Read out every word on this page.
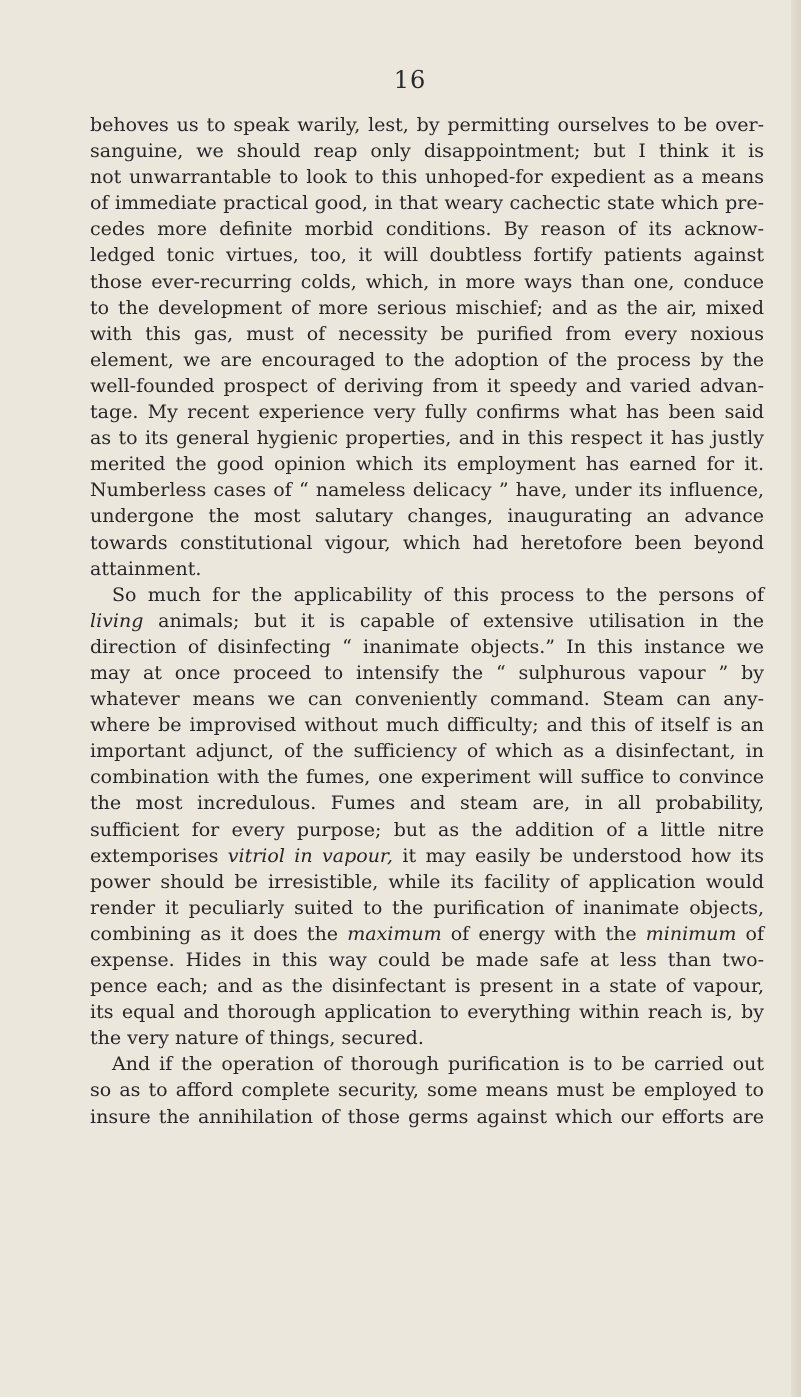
16
behoves us to speak warily, lest, by permitting ourselves to be over-
sanguine, we should reap only disappointment; but I think it is
not unwarrantable to look to this unhoped-for expedient as a means
of immediate practical good, in that weary cachectic state which pre-
cedes more definite morbid conditions. By reason of its acknow-
ledged tonic virtues, too, it will doubtless fortify patients against
those ever-recurring colds, which, in more ways than one, conduce
to the development of more serious mischief; and as the air, mixed
with this gas, must of necessity be purified from every noxious
element, we are encouraged to the adoption of the process by the
well-founded prospect of deriving from it speedy and varied advan-
tage. My recent experience very fully confirms what has been said
as to its general hygienic properties, and in this respect it has justly
merited the good opinion which its employment has earned for it.
Numberless cases of “ nameless delicacy ” have, under its influence,
undergone the most salutary changes, inaugurating an advance
towards constitutional vigour, which had heretofore been beyond
attainment.
So much for the applicability of this process to the persons of
living animals; but it is capable of extensive utilisation in the
direction of disinfecting “ inanimate objects.” In this instance we
may at once proceed to intensify the “ sulphurous vapour ” by
whatever means we can conveniently command. Steam can any-
where be improvised without much difficulty; and this of itself is an
important adjunct, of the sufficiency of which as a disinfectant, in
combination with the fumes, one experiment will suffice to convince
the most incredulous. Fumes and steam are, in all probability,
sufficient for every purpose; but as the addition of a little nitre
extemporises vitriol in vapour, it may easily be understood how its
power should be irresistible, while its facility of application would
render it peculiarly suited to the purification of inanimate objects,
combining as it does the maximum of energy with the minimum of
expense. Hides in this way could be made safe at less than two-
pence each; and as the disinfectant is present in a state of vapour,
its equal and thorough application to everything within reach is, by
the very nature of things, secured.
And if the operation of thorough purification is to be carried out
so as to afford complete security, some means must be employed to
insure the annihilation of those germs against which our efforts are
